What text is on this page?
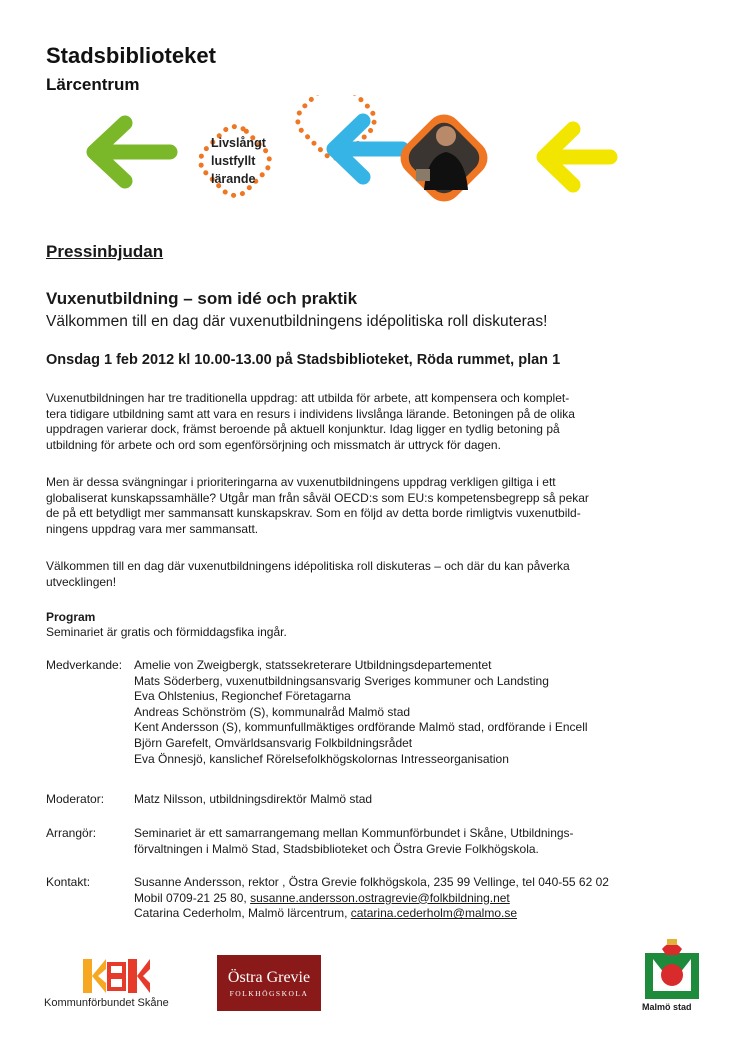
Stadsbiblioteket
Lärcentrum
Livslångt
lustfyllt
lärande
Pressinbjudan
Vuxenutbildning – som idé och praktik
Välkommen till en dag där vuxenutbildningens idépolitiska roll diskuteras!
Onsdag 1 feb 2012 kl 10.00-13.00 på Stadsbiblioteket, Röda rummet, plan 1
Vuxenutbildningen har tre traditionella uppdrag: att utbilda för arbete, att kompensera och komplet-
tera tidigare utbildning samt att vara en resurs i individens livslånga lärande. Betoningen på de olika
uppdragen varierar dock, främst beroende på aktuell konjunktur. Idag ligger en tydlig betoning på
utbildning för arbete och ord som egenförsörjning och missmatch är uttryck för dagen.
Men är dessa svängningar i prioriteringarna av vuxenutbildningens uppdrag verkligen giltiga i ett
globaliserat kunskapssamhälle? Utgår man från såväl OECD:s som EU:s kompetensbegrepp så pekar
de på ett betydligt mer sammansatt kunskapskrav. Som en följd av detta borde rimligtvis vuxenutbild-
ningens uppdrag vara mer sammansatt.
Välkommen till en dag där vuxenutbildningens idépolitiska roll diskuteras – och där du kan påverka
utvecklingen!
Program
Seminariet är gratis och förmiddagsfika ingår.
Medverkande: Amelie von Zweigbergk, statssekreterare Utbildningsdepartementet
Mats Söderberg, vuxenutbildningsansvarig Sveriges kommuner och Landsting
Eva Ohlstenius, Regionchef Företagarna
Andreas Schönström (S), kommunalråd Malmö stad
Kent Andersson (S), kommunfullmäktiges ordförande Malmö stad, ordförande i Encell
Björn Garefelt, Omvärldsansvarig Folkbildningsrådet
Eva Önnesjö, kanslichef Rörelsefolkhögskolornas Intresseorganisation
Moderator: Matz Nilsson, utbildningsdirektör Malmö stad
Arrangör:	Seminariet är ett samarrangemang mellan Kommunförbundet i Skåne, Utbildnings-
förvaltningen i Malmö Stad, Stadsbiblioteket och Östra Grevie Folkhögskola.
Kontakt:	Susanne Andersson, rektor , Östra Grevie folkhögskola, 235 99 Vellinge, tel 040-55 62 02
Mobil 0709-21 25 80, susanne.andersson.ostragrevie@folkbildning.net
Catarina Cederholm, Malmö lärcentrum, catarina.cederholm@malmo.se
Kommunförbundet Skåne
Östra Grevie
FOLKHÖGSKOLA
Malmö stad
